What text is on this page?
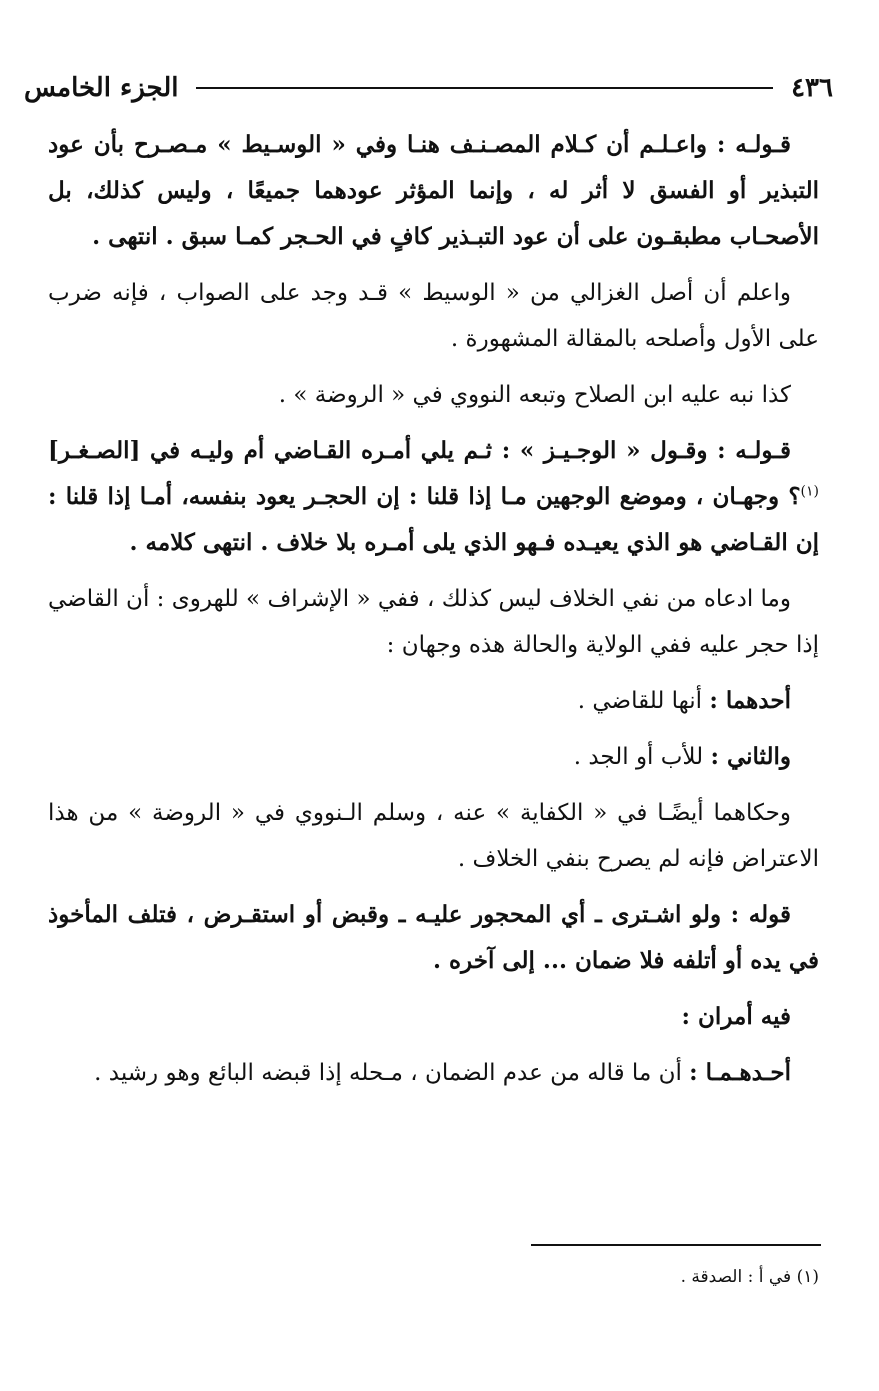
٤٣٦
الجزء الخامس

قـولـه : واعـلـم أن كـلام المصـنـف هنـا وفي « الوسـيط » مـصـرح بأن عود التبذير أو الفسق لا أثر له ، وإنما المؤثر عودهما جميعًا ، وليس كذلك، بل الأصحـاب مطبقـون على أن عود التبـذير كافٍ في الحـجر كمـا سبق . انتهى .

واعلم أن أصل الغزالي من « الوسيط » قـد وجد على الصواب ، فإنه ضرب على الأول وأصلحه بالمقالة المشهورة .

كذا نبه عليه ابن الصلاح وتبعه النووي في « الروضة » .

قـولـه : وقـول « الوجـيـز » : ثـم يلي أمـره القـاضي أم وليـه في [الصـغـر]$^{(١)}$؟ وجهـان ، وموضع الوجهين مـا إذا قلنا : إن الحجـر يعود بنفسه، أمـا إذا قلنا : إن القـاضي هو الذي يعيـده فـهو الذي يلى أمـره بلا خلاف . انتهى كلامه .

وما ادعاه من نفي الخلاف ليس كذلك ، ففي « الإشراف » للهروى : أن القاضي إذا حجر عليه ففي الولاية والحالة هذه وجهان :

أحدهما : أنها للقاضي .

والثاني : للأب أو الجد .

وحكاهما أيضًـا في « الكفاية » عنه ، وسلم الـنووي في « الروضة » من هذا الاعتراض فإنه لم يصرح بنفي الخلاف .

قوله : ولو اشـترى ـ أي المحجور عليـه ـ وقبض أو استقـرض ، فتلف المأخوذ في يده أو أتلفه فلا ضمان ... إلى آخره .

فيه أمران :

أحـدهـمـا : أن ما قاله من عدم الضمان ، مـحله إذا قبضه البائع وهو رشيد .

(١) في أ : الصدقة .
